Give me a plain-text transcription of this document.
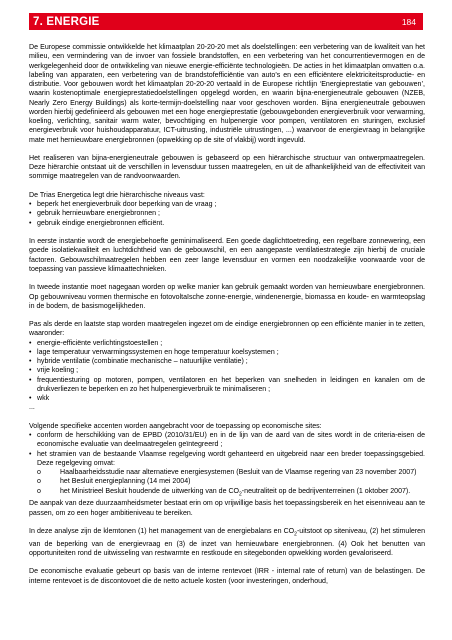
7. ENERGIE	184

De Europese commissie ontwikkelde het klimaatplan 20-20-20 met als doelstellingen: een verbetering van de kwaliteit van het milieu, een vermindering van de invoer van fossiele brandstoffen, en een verbetering van het concurrentievermogen en de werkgelegenheid door de ontwikkeling van nieuwe energie-efficiënte technologieën. De acties in het klimaatplan omvatten o.a. labeling van apparaten, een verbetering van de brandstofefficiëntie van auto’s en een efficiëntere elektriciteitsproductie- en distributie. Voor gebouwen wordt het klimaatplan 20-20-20 vertaald in de Europese richtlijn ‘Energieprestatie van gebouwen’, waarin kostenoptimale energieprestatiedoelstellingen opgelegd worden, en waarin bijna-energieneutrale gebouwen (NZEB, Nearly Zero Energy Buildings) als korte-termijn-doelstelling naar voor geschoven worden. Bijna energieneutrale gebouwen worden hierbij gedefinieerd als gebouwen met een hoge energieprestatie (gebouwgebonden energieverbruik voor verwarming, koeling, verlichting, sanitair warm water, bevochtiging en hulpenergie voor pompen, ventilatoren en sturingen, exclusief energieverbruik voor huishoudapparatuur, ICT-uitrusting, industriële uitrustingen, ...) waarvoor de energievraag in belangrijke mate met hernieuwbare energiebronnen (opwekking op de site of vlakbij) wordt ingevuld.

Het realiseren van bijna-energieneutrale gebouwen is gebaseerd op een hiërarchische structuur van ontwerpmaatregelen. Deze hiërarchie ontstaat uit de verschillen in levensduur tussen maatregelen, en uit de afhankelijkheid van de effectiviteit van sommige maatregelen van de randvoorwaarden.

De Trias Energetica legt drie hiërarchische niveaus vast:
• beperk het energieverbruik door beperking van de vraag ;
• gebruik hernieuwbare energiebronnen ;
• gebruik eindige energiebronnen efficiënt.

In eerste instantie wordt de energiebehoefte geminimaliseerd. Een goede daglichttoetreding, een regelbare zonnewering, een goede isolatiekwaliteit en luchtdichtheid van de gebouwschil, en een aangepaste ventilatiestrategie zijn hierbij de cruciale factoren. Gebouwschilmaatregelen hebben een zeer lange levensduur en vormen een noodzakelijke voorwaarde voor de toepassing van passieve klimaattechnieken.

In tweede instantie moet nagegaan worden op welke manier kan gebruik gemaakt worden van hernieuwbare energiebronnen. Op gebouwniveau vormen thermische en fotovoltaïsche zonne-energie, windenenergie, biomassa en koude- en warmteopslag in de bodem, de basismogelijkheden.

Pas als derde en laatste stap worden maatregelen ingezet om de eindige energiebronnen op een efficiënte manier in te zetten, waaronder:
• energie-efficiënte verlichtingstoestellen ;
• lage temperatuur verwarmingssystemen en hoge temperatuur koelsystemen ;
• hybride ventilatie (combinatie mechanische – natuurlijke ventilatie) ;
• vrije koeling ;
• frequentiesturing op motoren, pompen, ventilatoren en het beperken van snelheden in leidingen en kanalen om de drukverliezen te beperken en zo het hulpenergieverbruik te minimaliseren ;
• wkk
...
Volgende specifieke accenten worden aangebracht voor de toepassing op economische sites:
• conform de herschikking van de EPBD (2010/31/EU) en in de lijn van de aard van de sites wordt in de criteria-eisen de economische evaluatie van deelmaatregelen geïntegreerd ;
• het stramien van de bestaande Vlaamse regelgeving wordt gehanteerd en uitgebreid naar een breder toepassingsgebied. Deze regelgeving omvat:
o Haalbaarheidsstudie naar alternatieve energiesystemen (Besluit van de Vlaamse regering van 23 november 2007)
o het Besluit energieplanning (14 mei 2004)
o het Ministrieel Besluit houdende de uitwerking van de $CO_2$-neutraliteit op de bedrijventerreinen (1 oktober 2007).

De aanpak van deze duurzaamheidsmeter bestaat erin om op vrijwillige basis het toepassingsbereik en het eisenniveau aan te passen, om zo een hoger ambitieniveau te bereiken.

In deze analyse zijn de klemtonen (1) het management van de energiebalans en $CO_2$-uitstoot op siteniveau, (2) het stimuleren van de beperking van de energievraag en (3) de inzet van hernieuwbare energiebronnen. (4) Ook het benutten van opportuniteiten rond de uitwisseling van restwarmte en restkoude en sitegebonden opwekking worden gevaloriseerd.

De economische evaluatie gebeurt op basis van de interne rentevoet (IRR - internal rate of return) van de belastingen. De interne rentevoet is de discontovoet die de netto actuele kosten (voor investeringen, onderhoud,
